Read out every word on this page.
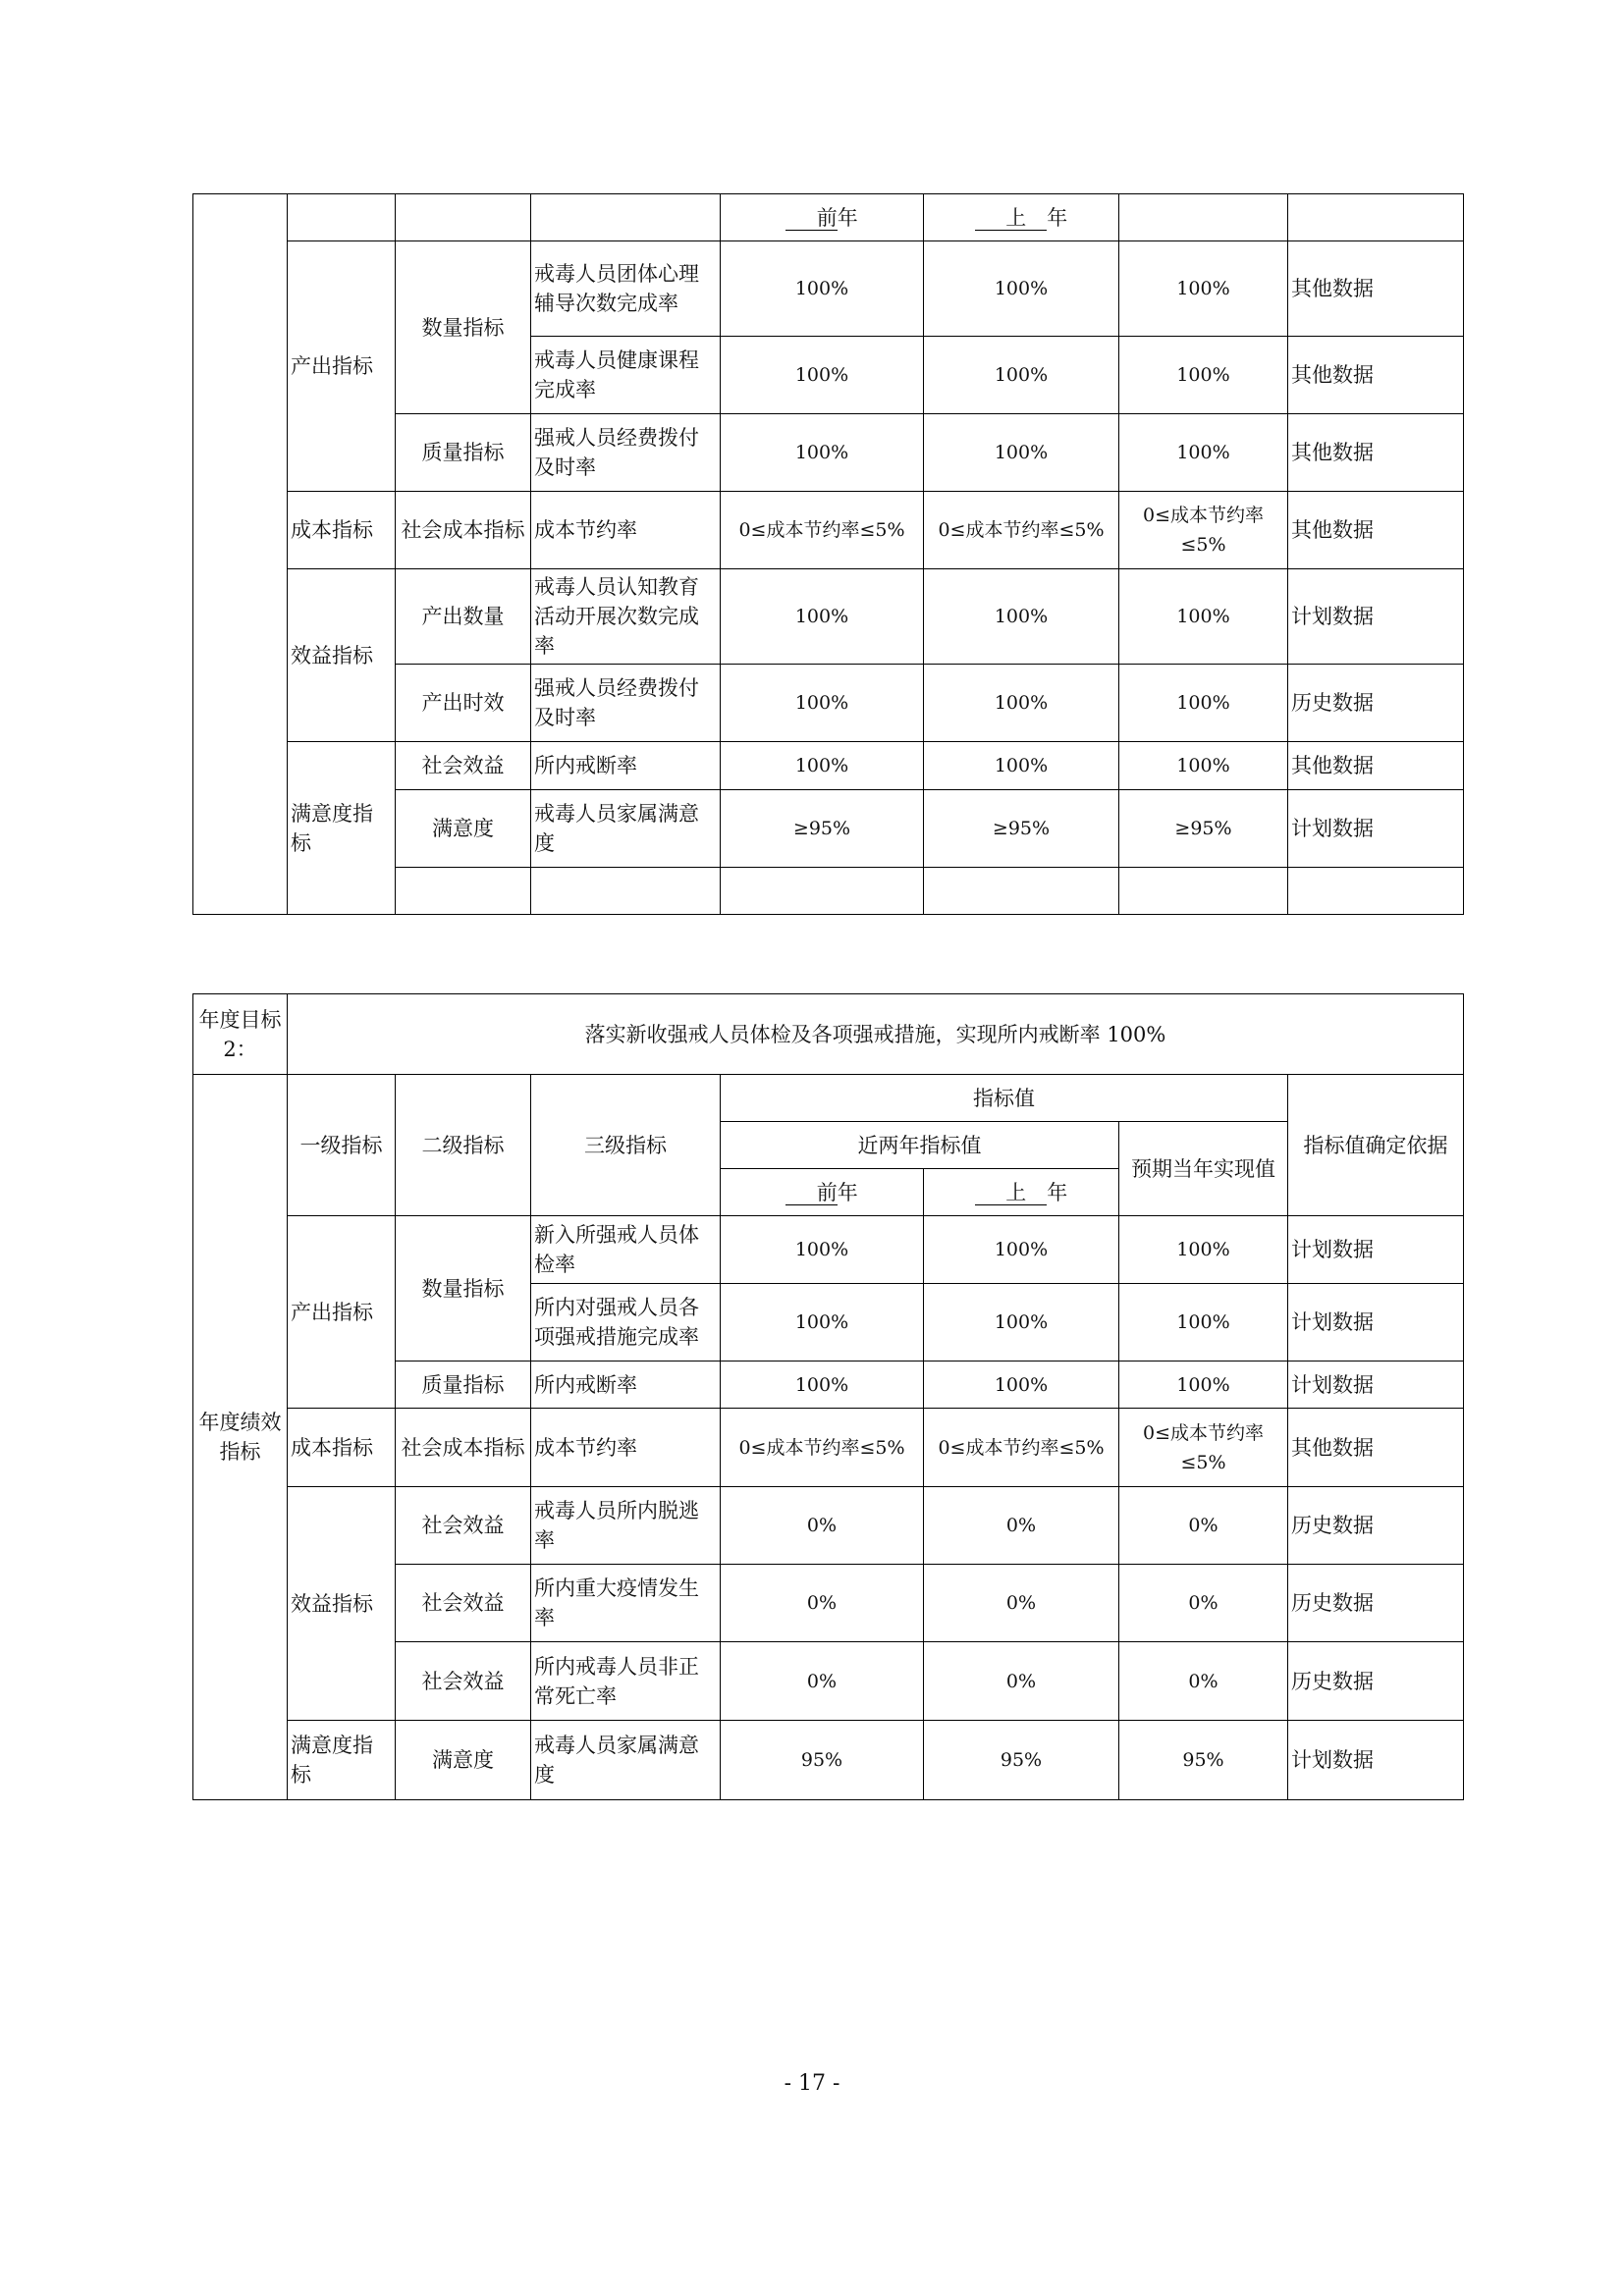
				  前年	  上   年			
	产出指标	数量指标	戒毒人员团体心理辅导次数完成率	100%	100%	100%	其他数据	
			戒毒人员健康课程完成率	100%	100%	100%	其他数据	
		质量指标	强戒人员经费拨付及时率	100%	100%	100%	其他数据	
	成本指标	社会成本指标	成本节约率	0≤成本节约率≤5%	0≤成本节约率≤5%	0≤成本节约率≤5%	其他数据	
	效益指标	产出数量	戒毒人员认知教育活动开展次数完成率	100%	100%	100%	计划数据	
		产出时效	强戒人员经费拨付及时率	100%	100%	100%	历史数据	
	满意度指标	社会效益	所内戒断率	100%	100%	100%	其他数据	
		满意度	戒毒人员家属满意度	≥95%	≥95%	≥95%	计划数据	

年度目标2：	落实新收强戒人员体检及各项强戒措施，实现所内戒断率 100%						
年度绩效指标	一级指标	二级指标	三级指标	指标值			指标值确定依据
				近两年指标值		预期当年实现值	
				  前年	  上   年		
	产出指标	数量指标	新入所强戒人员体检率	100%	100%	100%	计划数据
			所内对强戒人员各项强戒措施完成率	100%	100%	100%	计划数据
		质量指标	所内戒断率	100%	100%	100%	计划数据
	成本指标	社会成本指标	成本节约率	0≤成本节约率≤5%	0≤成本节约率≤5%	0≤成本节约率≤5%	其他数据
	效益指标	社会效益	戒毒人员所内脱逃率	0%	0%	0%	历史数据
		社会效益	所内重大疫情发生率	0%	0%	0%	历史数据
		社会效益	所内戒毒人员非正常死亡率	0%	0%	0%	历史数据
	满意度指标	满意度	戒毒人员家属满意度	95%	95%	95%	计划数据
- 17 -
